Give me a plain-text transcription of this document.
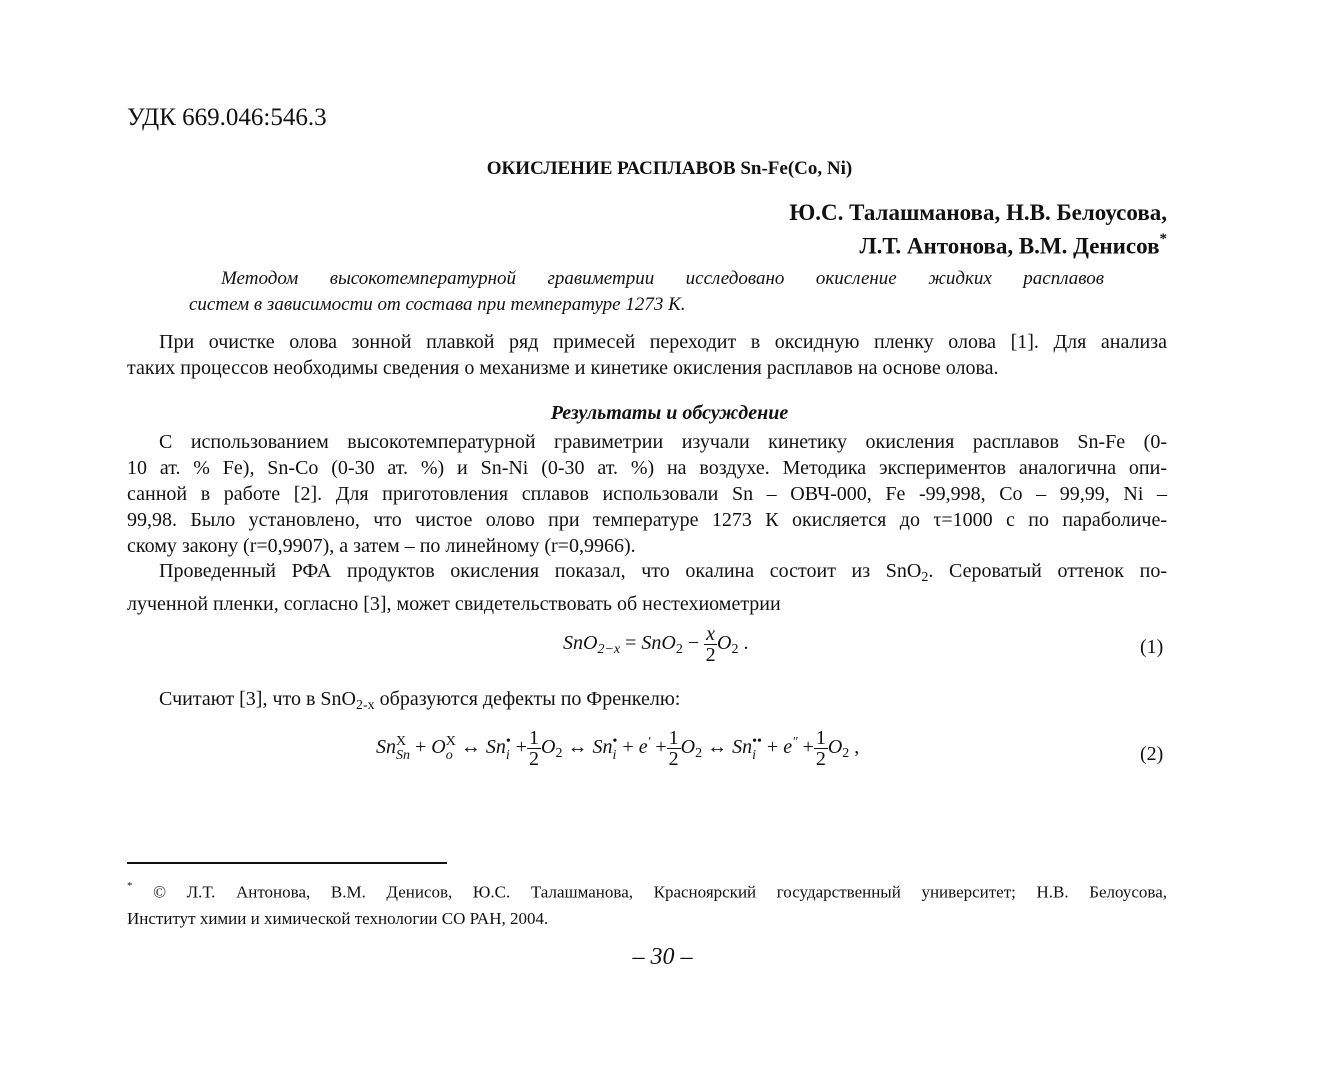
УДК 669.046:546.3
ОКИСЛЕНИЕ РАСПЛАВОВ Sn-Fe(Co, Ni)
Ю.С. Талашманова, Н.В. Белоусова,
Л.Т. Антонова, В.М. Денисов*
Методом высокотемпературной гравиметрии исследовано окисление жидких расплавов
систем в зависимости от состава при температуре 1273 К.
При очистке олова зонной плавкой ряд примесей переходит в оксидную пленку олова [1]. Для анализа
таких процессов необходимы сведения о механизме и кинетике окисления расплавов на основе олова.
Результаты и обсуждение
С использованием высокотемпературной гравиметрии изучали кинетику окисления расплавов Sn-Fe (0-
10 ат. % Fe), Sn-Co (0-30 ат. %) и Sn-Ni (0-30 ат. %) на воздухе. Методика экспериментов аналогична опи-
санной в работе [2]. Для приготовления сплавов использовали Sn – ОВЧ-000, Fe -99,998, Co – 99,99, Ni –
99,98. Было установлено, что чистое олово при температуре 1273 К окисляется до τ=1000 с по параболиче-
скому закону (r=0,9907), а затем – по линейному (r=0,9966).
Проведенный РФА продуктов окисления показал, что окалина состоит из SnO$_2$. Сероватый оттенок по-
лученной пленки, согласно [3], может свидетельствовать об нестехиометрии
$SnO_{2-x} = SnO_2 - \frac{x}{2} O_2$ .	(1)
Считают [3], что в SnO$_{2-x}$ образуются дефекты по Френкелю:
Sn X
Sn + O X
o ↔ Sn •
$i + \frac{1}{2} O_2$ ↔ Sn •
$i + e' + \frac{1}{2} O_2$ ↔ Sn ••
$i + e^" + \frac{1}{2} O_2$ ,	(2)
* © Л.Т. Антонова, В.М. Денисов, Ю.С. Талашманова, Красноярский государственный университет; Н.В. Белоусова,
Институт химии и химической технологии СО РАН, 2004.
– 30 –
